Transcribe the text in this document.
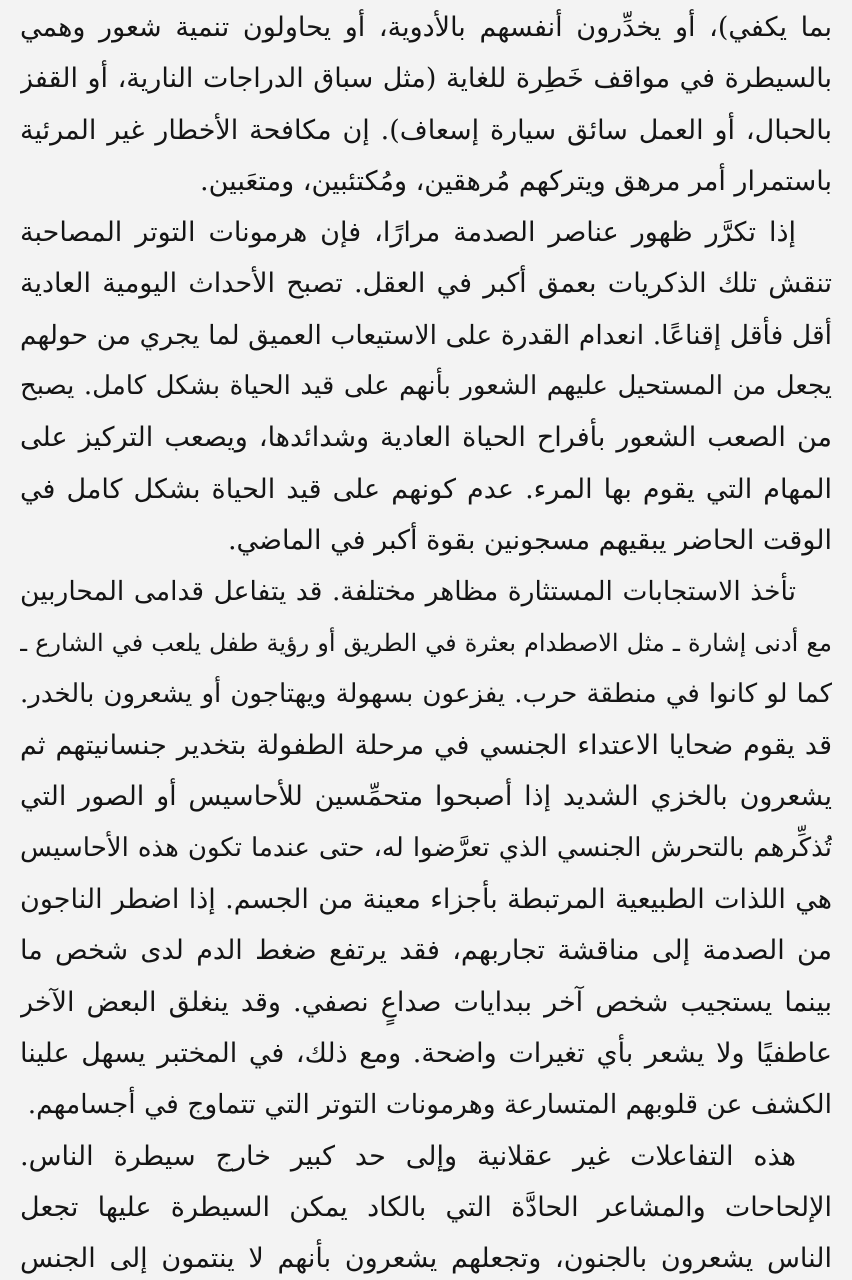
بما يكفي)، أو يخدِّرون أنفسهم بالأدوية، أو يحاولون تنمية شعور وهمي
بالسيطرة في مواقف خَطِرة للغاية (مثل سباق الدراجات النارية، أو القفز
بالحبال، أو العمل سائق سيارة إسعاف). إن مكافحة الأخطار غير المرئية
باستمرار أمر مرهق ويتركهم مُرهقين، ومُكتئبين، ومتعَبين.
إذا تكرَّر ظهور عناصر الصدمة مرارًا، فإن هرمونات التوتر المصاحبة
تنقش تلك الذكريات بعمق أكبر في العقل. تصبح الأحداث اليومية العادية
أقل فأقل إقناعًا. انعدام القدرة على الاستيعاب العميق لما يجري من حولهم
يجعل من المستحيل عليهم الشعور بأنهم على قيد الحياة بشكل كامل. يصبح
من الصعب الشعور بأفراح الحياة العادية وشدائدها، ويصعب التركيز على
المهام التي يقوم بها المرء. عدم كونهم على قيد الحياة بشكل كامل في
الوقت الحاضر يبقيهم مسجونين بقوة أكبر في الماضي.
تأخذ الاستجابات المستثارة مظاهر مختلفة. قد يتفاعل قدامى المحاربين
مع أدنى إشارة ـ مثل الاصطدام بعثرة في الطريق أو رؤية طفل يلعب في الشارع ـ
كما لو كانوا في منطقة حرب. يفزعون بسهولة ويهتاجون أو يشعرون بالخدر.
قد يقوم ضحايا الاعتداء الجنسي في مرحلة الطفولة بتخدير جنسانيتهم ثم
يشعرون بالخزي الشديد إذا أصبحوا متحمِّسين للأحاسيس أو الصور التي
تُذكِّرهم بالتحرش الجنسي الذي تعرَّضوا له، حتى عندما تكون هذه الأحاسيس
هي اللذات الطبيعية المرتبطة بأجزاء معينة من الجسم. إذا اضطر الناجون
من الصدمة إلى مناقشة تجاربهم، فقد يرتفع ضغط الدم لدى شخص ما
بينما يستجيب شخص آخر ببدايات صداعٍ نصفي. وقد ينغلق البعض الآخر
عاطفيًا ولا يشعر بأي تغيرات واضحة. ومع ذلك، في المختبر يسهل علينا
الكشف عن قلوبهم المتسارعة وهرمونات التوتر التي تتماوج في أجسامهم.
هذه التفاعلات غير عقلانية وإلى حد كبير خارج سيطرة الناس.
الإلحاحات والمشاعر الحادَّة التي بالكاد يمكن السيطرة عليها تجعل
الناس يشعرون بالجنون، وتجعلهم يشعرون بأنهم لا ينتمون إلى الجنس
